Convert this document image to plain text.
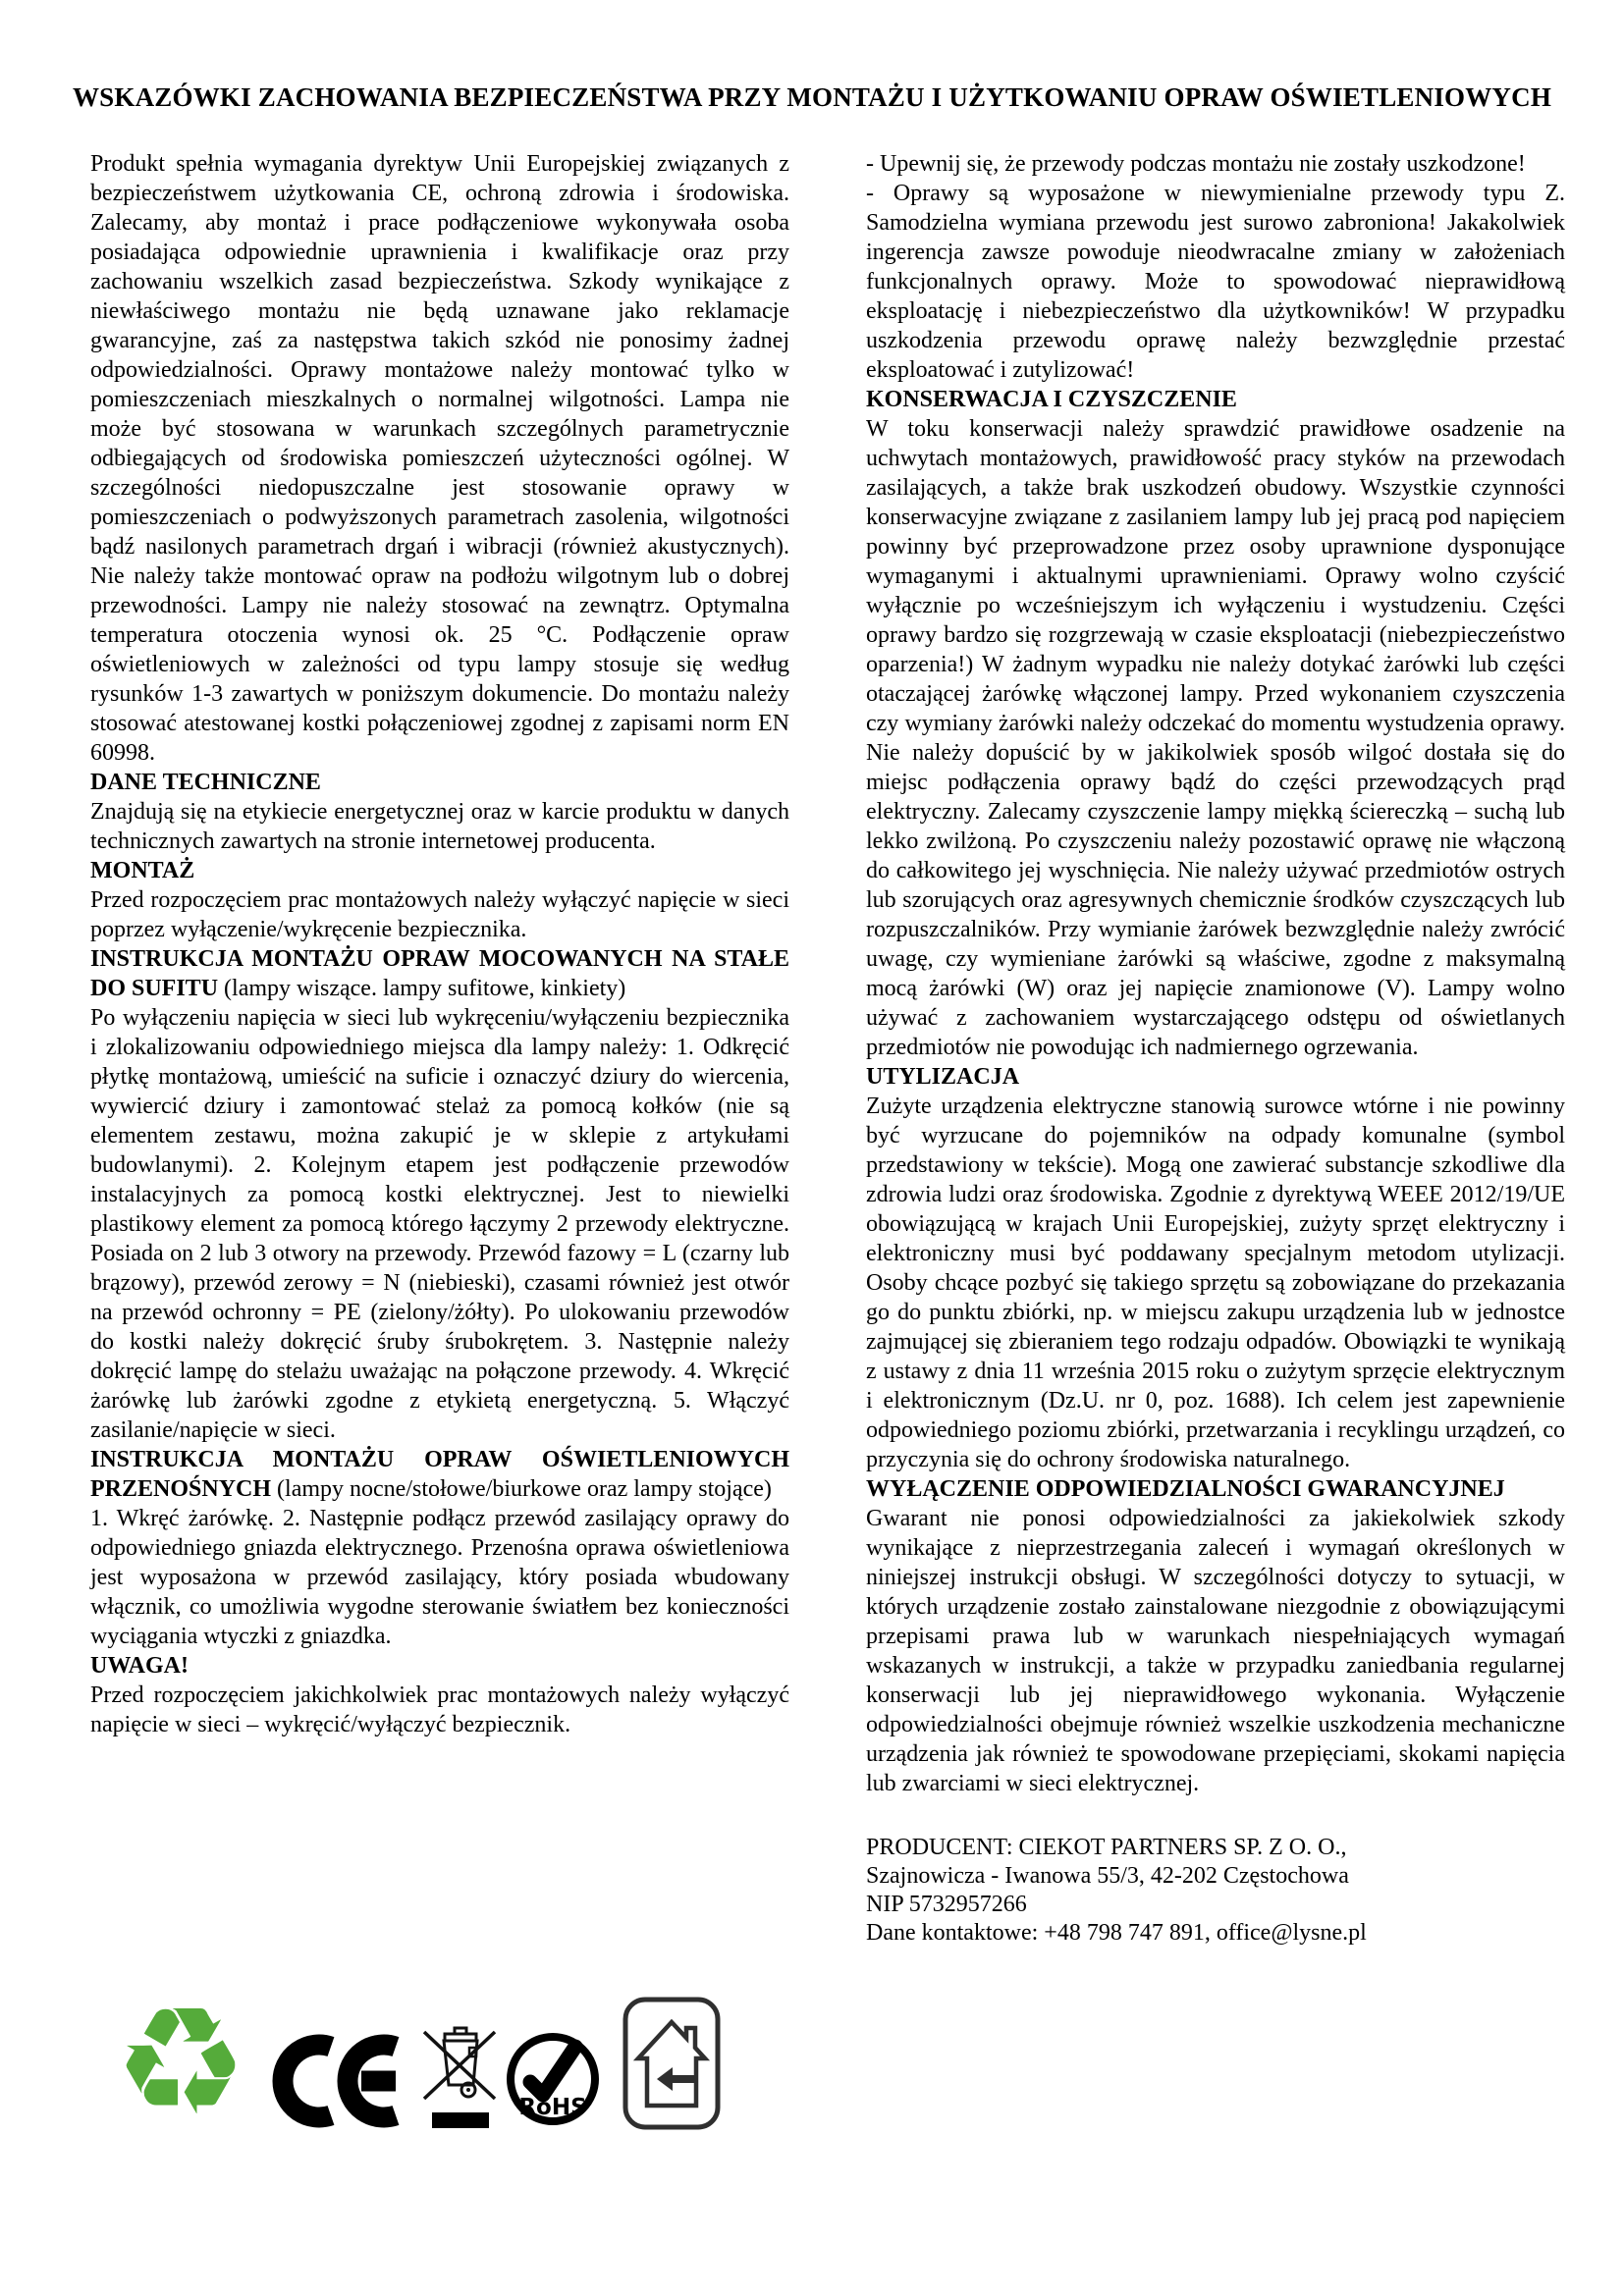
WSKAZÓWKI ZACHOWANIA BEZPIECZEŃSTWA PRZY MONTAŻU I UŻYTKOWANIU OPRAW OŚWIETLENIOWYCH

Produkt spełnia wymagania dyrektyw Unii Europejskiej związanych z bezpieczeństwem użytkowania CE, ochroną zdrowia i środowiska. Zalecamy, aby montaż i prace podłączeniowe wykonywała osoba posiadająca odpowiednie uprawnienia i kwalifikacje oraz przy zachowaniu wszelkich zasad bezpieczeństwa. Szkody wynikające z niewłaściwego montażu nie będą uznawane jako reklamacje gwarancyjne, zaś za następstwa takich szkód nie ponosimy żadnej odpowiedzialności. Oprawy montażowe należy montować tylko w pomieszczeniach mieszkalnych o normalnej wilgotności. Lampa nie może być stosowana w warunkach szczególnych parametrycznie odbiegających od środowiska pomieszczeń użyteczności ogólnej. W szczególności niedopuszczalne jest stosowanie oprawy w pomieszczeniach o podwyższonych parametrach zasolenia, wilgotności bądź nasilonych parametrach drgań i wibracji (również akustycznych). Nie należy także montować opraw na podłożu wilgotnym lub o dobrej przewodności. Lampy nie należy stosować na zewnątrz. Optymalna temperatura otoczenia wynosi ok. 25 °C. Podłączenie opraw oświetleniowych w zależności od typu lampy stosuje się według rysunków 1-3 zawartych w poniższym dokumencie. Do montażu należy stosować atestowanej kostki połączeniowej zgodnej z zapisami norm EN 60998.

DANE TECHNICZNE

Znajdują się na etykiecie energetycznej oraz w karcie produktu w danych technicznych zawartych na stronie internetowej producenta.

MONTAŻ

Przed rozpoczęciem prac montażowych należy wyłączyć napięcie w sieci poprzez wyłączenie/wykręcenie bezpiecznika.

INSTRUKCJA MONTAŻU OPRAW MOCOWANYCH NA STAŁE DO SUFITU (lampy wiszące. lampy sufitowe, kinkiety)

Po wyłączeniu napięcia w sieci lub wykręceniu/wyłączeniu bezpiecznika i zlokalizowaniu odpowiedniego miejsca dla lampy należy: 1. Odkręcić płytkę montażową, umieścić na suficie i oznaczyć dziury do wiercenia, wywiercić dziury i zamontować stelaż za pomocą kołków (nie są elementem zestawu, można zakupić je w sklepie z artykułami budowlanymi). 2. Kolejnym etapem jest podłączenie przewodów instalacyjnych za pomocą kostki elektrycznej. Jest to niewielki plastikowy element za pomocą którego łączymy 2 przewody elektryczne. Posiada on 2 lub 3 otwory na przewody. Przewód fazowy = L (czarny lub brązowy), przewód zerowy = N (niebieski), czasami również jest otwór na przewód ochronny = PE (zielony/żółty). Po ulokowaniu przewodów do kostki należy dokręcić śruby śrubokrętem. 3. Następnie należy dokręcić lampę do stelażu uważając na połączone przewody. 4. Wkręcić żarówkę lub żarówki zgodne z etykietą energetyczną. 5. Włączyć zasilanie/napięcie w sieci.

INSTRUKCJA MONTAŻU OPRAW OŚWIETLENIOWYCH PRZENOŚNYCH (lampy nocne/stołowe/biurkowe oraz lampy stojące)

1. Wkręć żarówkę. 2. Następnie podłącz przewód zasilający oprawy do odpowiedniego gniazda elektrycznego. Przenośna oprawa oświetleniowa jest wyposażona w przewód zasilający, który posiada wbudowany włącznik, co umożliwia wygodne sterowanie światłem bez konieczności wyciągania wtyczki z gniazdka.

UWAGA!

Przed rozpoczęciem jakichkolwiek prac montażowych należy wyłączyć napięcie w sieci – wykręcić/wyłączyć bezpiecznik.

- Upewnij się, że przewody podczas montażu nie zostały uszkodzone!

- Oprawy są wyposażone w niewymienialne przewody typu Z. Samodzielna wymiana przewodu jest surowo zabroniona! Jakakolwiek ingerencja zawsze powoduje nieodwracalne zmiany w założeniach funkcjonalnych oprawy. Może to spowodować nieprawidłową eksploatację i niebezpieczeństwo dla użytkowników! W przypadku uszkodzenia przewodu oprawę należy bezwzględnie przestać eksploatować i zutylizować!

KONSERWACJA I CZYSZCZENIE

W toku konserwacji należy sprawdzić prawidłowe osadzenie na uchwytach montażowych, prawidłowość pracy styków na przewodach zasilających, a także brak uszkodzeń obudowy. Wszystkie czynności konserwacyjne związane z zasilaniem lampy lub jej pracą pod napięciem powinny być przeprowadzone przez osoby uprawnione dysponujące wymaganymi i aktualnymi uprawnieniami. Oprawy wolno czyścić wyłącznie po wcześniejszym ich wyłączeniu i wystudzeniu. Części oprawy bardzo się rozgrzewają w czasie eksploatacji (niebezpieczeństwo oparzenia!) W żadnym wypadku nie należy dotykać żarówki lub części otaczającej żarówkę włączonej lampy. Przed wykonaniem czyszczenia czy wymiany żarówki należy odczekać do momentu wystudzenia oprawy. Nie należy dopuścić by w jakikolwiek sposób wilgoć dostała się do miejsc podłączenia oprawy bądź do części przewodzących prąd elektryczny. Zalecamy czyszczenie lampy miękką ściereczką – suchą lub lekko zwilżoną. Po czyszczeniu należy pozostawić oprawę nie włączoną do całkowitego jej wyschnięcia. Nie należy używać przedmiotów ostrych lub szorujących oraz agresywnych chemicznie środków czyszczących lub rozpuszczalników. Przy wymianie żarówek bezwzględnie należy zwrócić uwagę, czy wymieniane żarówki są właściwe, zgodne z maksymalną mocą żarówki (W) oraz jej napięcie znamionowe (V). Lampy wolno używać z zachowaniem wystarczającego odstępu od oświetlanych przedmiotów nie powodując ich nadmiernego ogrzewania.

UTYLIZACJA

Zużyte urządzenia elektryczne stanowią surowce wtórne i nie powinny być wyrzucane do pojemników na odpady komunalne (symbol przedstawiony w tekście). Mogą one zawierać substancje szkodliwe dla zdrowia ludzi oraz środowiska. Zgodnie z dyrektywą WEEE 2012/19/UE obowiązującą w krajach Unii Europejskiej, zużyty sprzęt elektryczny i elektroniczny musi być poddawany specjalnym metodom utylizacji. Osoby chcące pozbyć się takiego sprzętu są zobowiązane do przekazania go do punktu zbiórki, np. w miejscu zakupu urządzenia lub w jednostce zajmującej się zbieraniem tego rodzaju odpadów. Obowiązki te wynikają z ustawy z dnia 11 września 2015 roku o zużytym sprzęcie elektrycznym i elektronicznym (Dz.U. nr 0, poz. 1688). Ich celem jest zapewnienie odpowiedniego poziomu zbiórki, przetwarzania i recyklingu urządzeń, co przyczynia się do ochrony środowiska naturalnego.

WYŁĄCZENIE ODPOWIEDZIALNOŚCI GWARANCYJNEJ

Gwarant nie ponosi odpowiedzialności za jakiekolwiek szkody wynikające z nieprzestrzegania zaleceń i wymagań określonych w niniejszej instrukcji obsługi. W szczególności dotyczy to sytuacji, w których urządzenie zostało zainstalowane niezgodnie z obowiązującymi przepisami prawa lub w warunkach niespełniających wymagań wskazanych w instrukcji, a także w przypadku zaniedbania regularnej konserwacji lub jej nieprawidłowego wykonania. Wyłączenie odpowiedzialności obejmuje również wszelkie uszkodzenia mechaniczne urządzenia jak również te spowodowane przepięciami, skokami napięcia lub zwarciami w sieci elektrycznej.

PRODUCENT: CIEKOT PARTNERS SP. Z O. O.,
Szajnowicza - Iwanowa 55/3, 42-202 Częstochowa
NIP 5732957266
Dane kontaktowe: +48 798 747 891, office@lysne.pl
♻	RoHS
